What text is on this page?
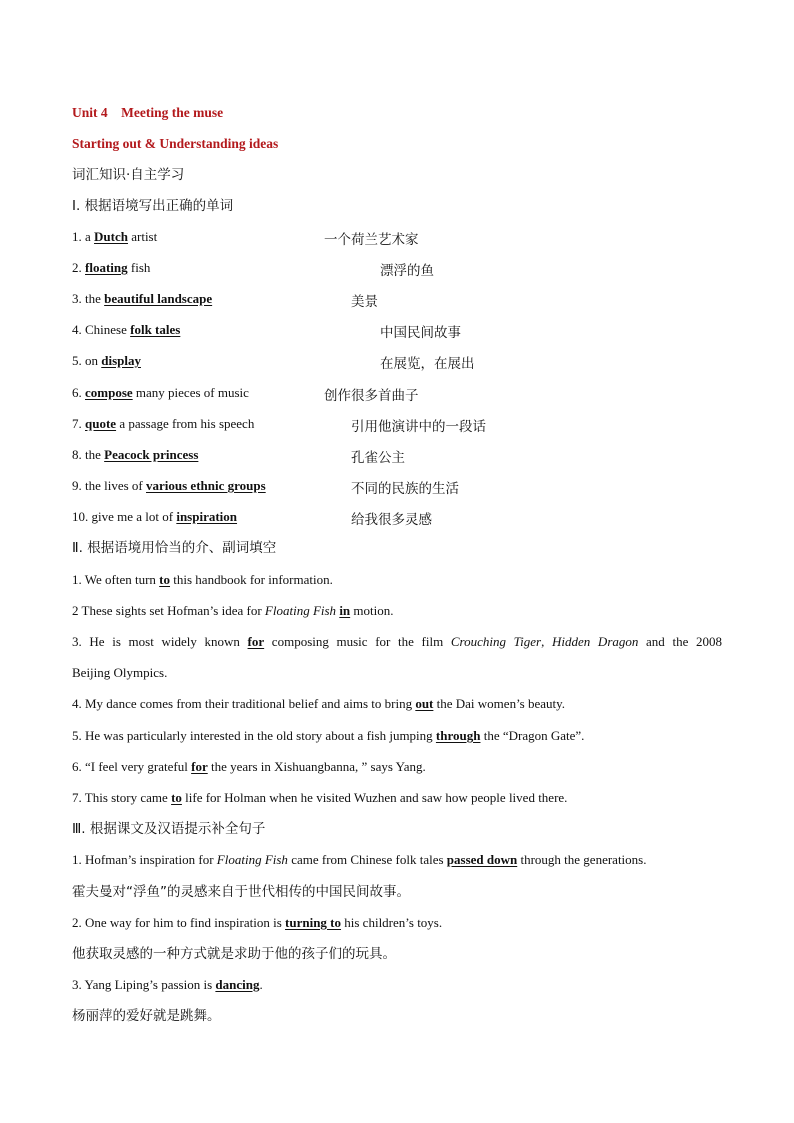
Unit 4　Meeting the muse
Starting out & Understanding ideas
词汇知识·自主学习
Ⅰ. 根据语境写出正确的单词
1. a Dutch artist	一个荷兰艺术家
2. floating fish	漂浮的鱼
3. the beautiful landscape	美景
4. Chinese folk tales	中国民间故事
5. on display	在展览，在展出
6. compose many pieces of music	创作很多首曲子
7. quote a passage from his speech	引用他演讲中的一段话
8. the Peacock princess	孔雀公主
9. the lives of various ethnic groups	不同的民族的生活
10. give me a lot of inspiration	给我很多灵感
Ⅱ. 根据语境用恰当的介、副词填空
1. We often turn to this handbook for information.
2 These sights set Hofman’s idea for Floating Fish in motion.
3. He is most widely known for composing music for the film Crouching Tiger, Hidden Dragon and the 2008
Beijing Olympics.
4. My dance comes from their traditional belief and aims to bring out the Dai women’s beauty.
5. He was particularly interested in the old story about a fish jumping through the “Dragon Gate”.
6. “I feel very grateful for the years in Xishuangbanna, ” says Yang.
7. This story came to life for Holman when he visited Wuzhen and saw how people lived there.
Ⅲ. 根据课文及汉语提示补全句子
1. Hofman’s inspiration for Floating Fish came from Chinese folk tales passed down through the generations.
霍夫曼对“浮鱼”的灵感来自于世代相传的中国民间故事。
2. One way for him to find inspiration is turning to his children’s toys.
他获取灵感的一种方式就是求助于他的孩子们的玩具。
3. Yang Liping’s passion is dancing.
杨丽萍的爱好就是跳舞。
